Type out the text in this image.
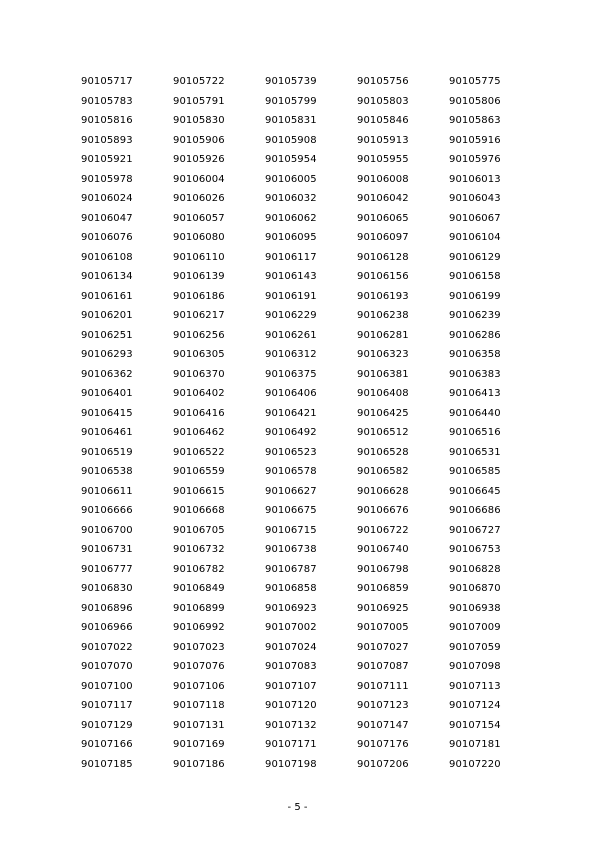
90105717	90105722	90105739	90105756	90105775
90105783	90105791	90105799	90105803	90105806
90105816	90105830	90105831	90105846	90105863
90105893	90105906	90105908	90105913	90105916
90105921	90105926	90105954	90105955	90105976
90105978	90106004	90106005	90106008	90106013
90106024	90106026	90106032	90106042	90106043
90106047	90106057	90106062	90106065	90106067
90106076	90106080	90106095	90106097	90106104
90106108	90106110	90106117	90106128	90106129
90106134	90106139	90106143	90106156	90106158
90106161	90106186	90106191	90106193	90106199
90106201	90106217	90106229	90106238	90106239
90106251	90106256	90106261	90106281	90106286
90106293	90106305	90106312	90106323	90106358
90106362	90106370	90106375	90106381	90106383
90106401	90106402	90106406	90106408	90106413
90106415	90106416	90106421	90106425	90106440
90106461	90106462	90106492	90106512	90106516
90106519	90106522	90106523	90106528	90106531
90106538	90106559	90106578	90106582	90106585
90106611	90106615	90106627	90106628	90106645
90106666	90106668	90106675	90106676	90106686
90106700	90106705	90106715	90106722	90106727
90106731	90106732	90106738	90106740	90106753
90106777	90106782	90106787	90106798	90106828
90106830	90106849	90106858	90106859	90106870
90106896	90106899	90106923	90106925	90106938
90106966	90106992	90107002	90107005	90107009
90107022	90107023	90107024	90107027	90107059
90107070	90107076	90107083	90107087	90107098
90107100	90107106	90107107	90107111	90107113
90107117	90107118	90107120	90107123	90107124
90107129	90107131	90107132	90107147	90107154
90107166	90107169	90107171	90107176	90107181
90107185	90107186	90107198	90107206	90107220
- 5 -
